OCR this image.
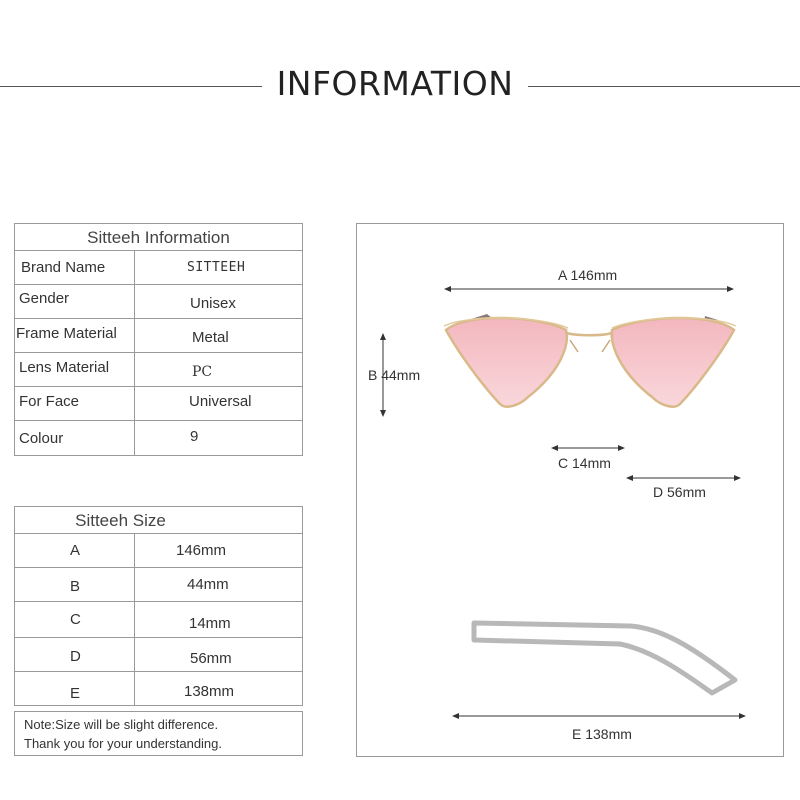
INFORMATION
Sitteeh Information
Brand Name	SITTEEH
Gender	Unisex
Frame Material	Metal
Lens Material	PC
For Face	Universal
Colour	9
Sitteeh Size
A	146mm
B	44mm
C	14mm
D	56mm
E	138mm
Note:Size will be slight difference.
Thank you for your understanding.
A 146mm
B 44mm
C 14mm
D 56mm
E 138mm
